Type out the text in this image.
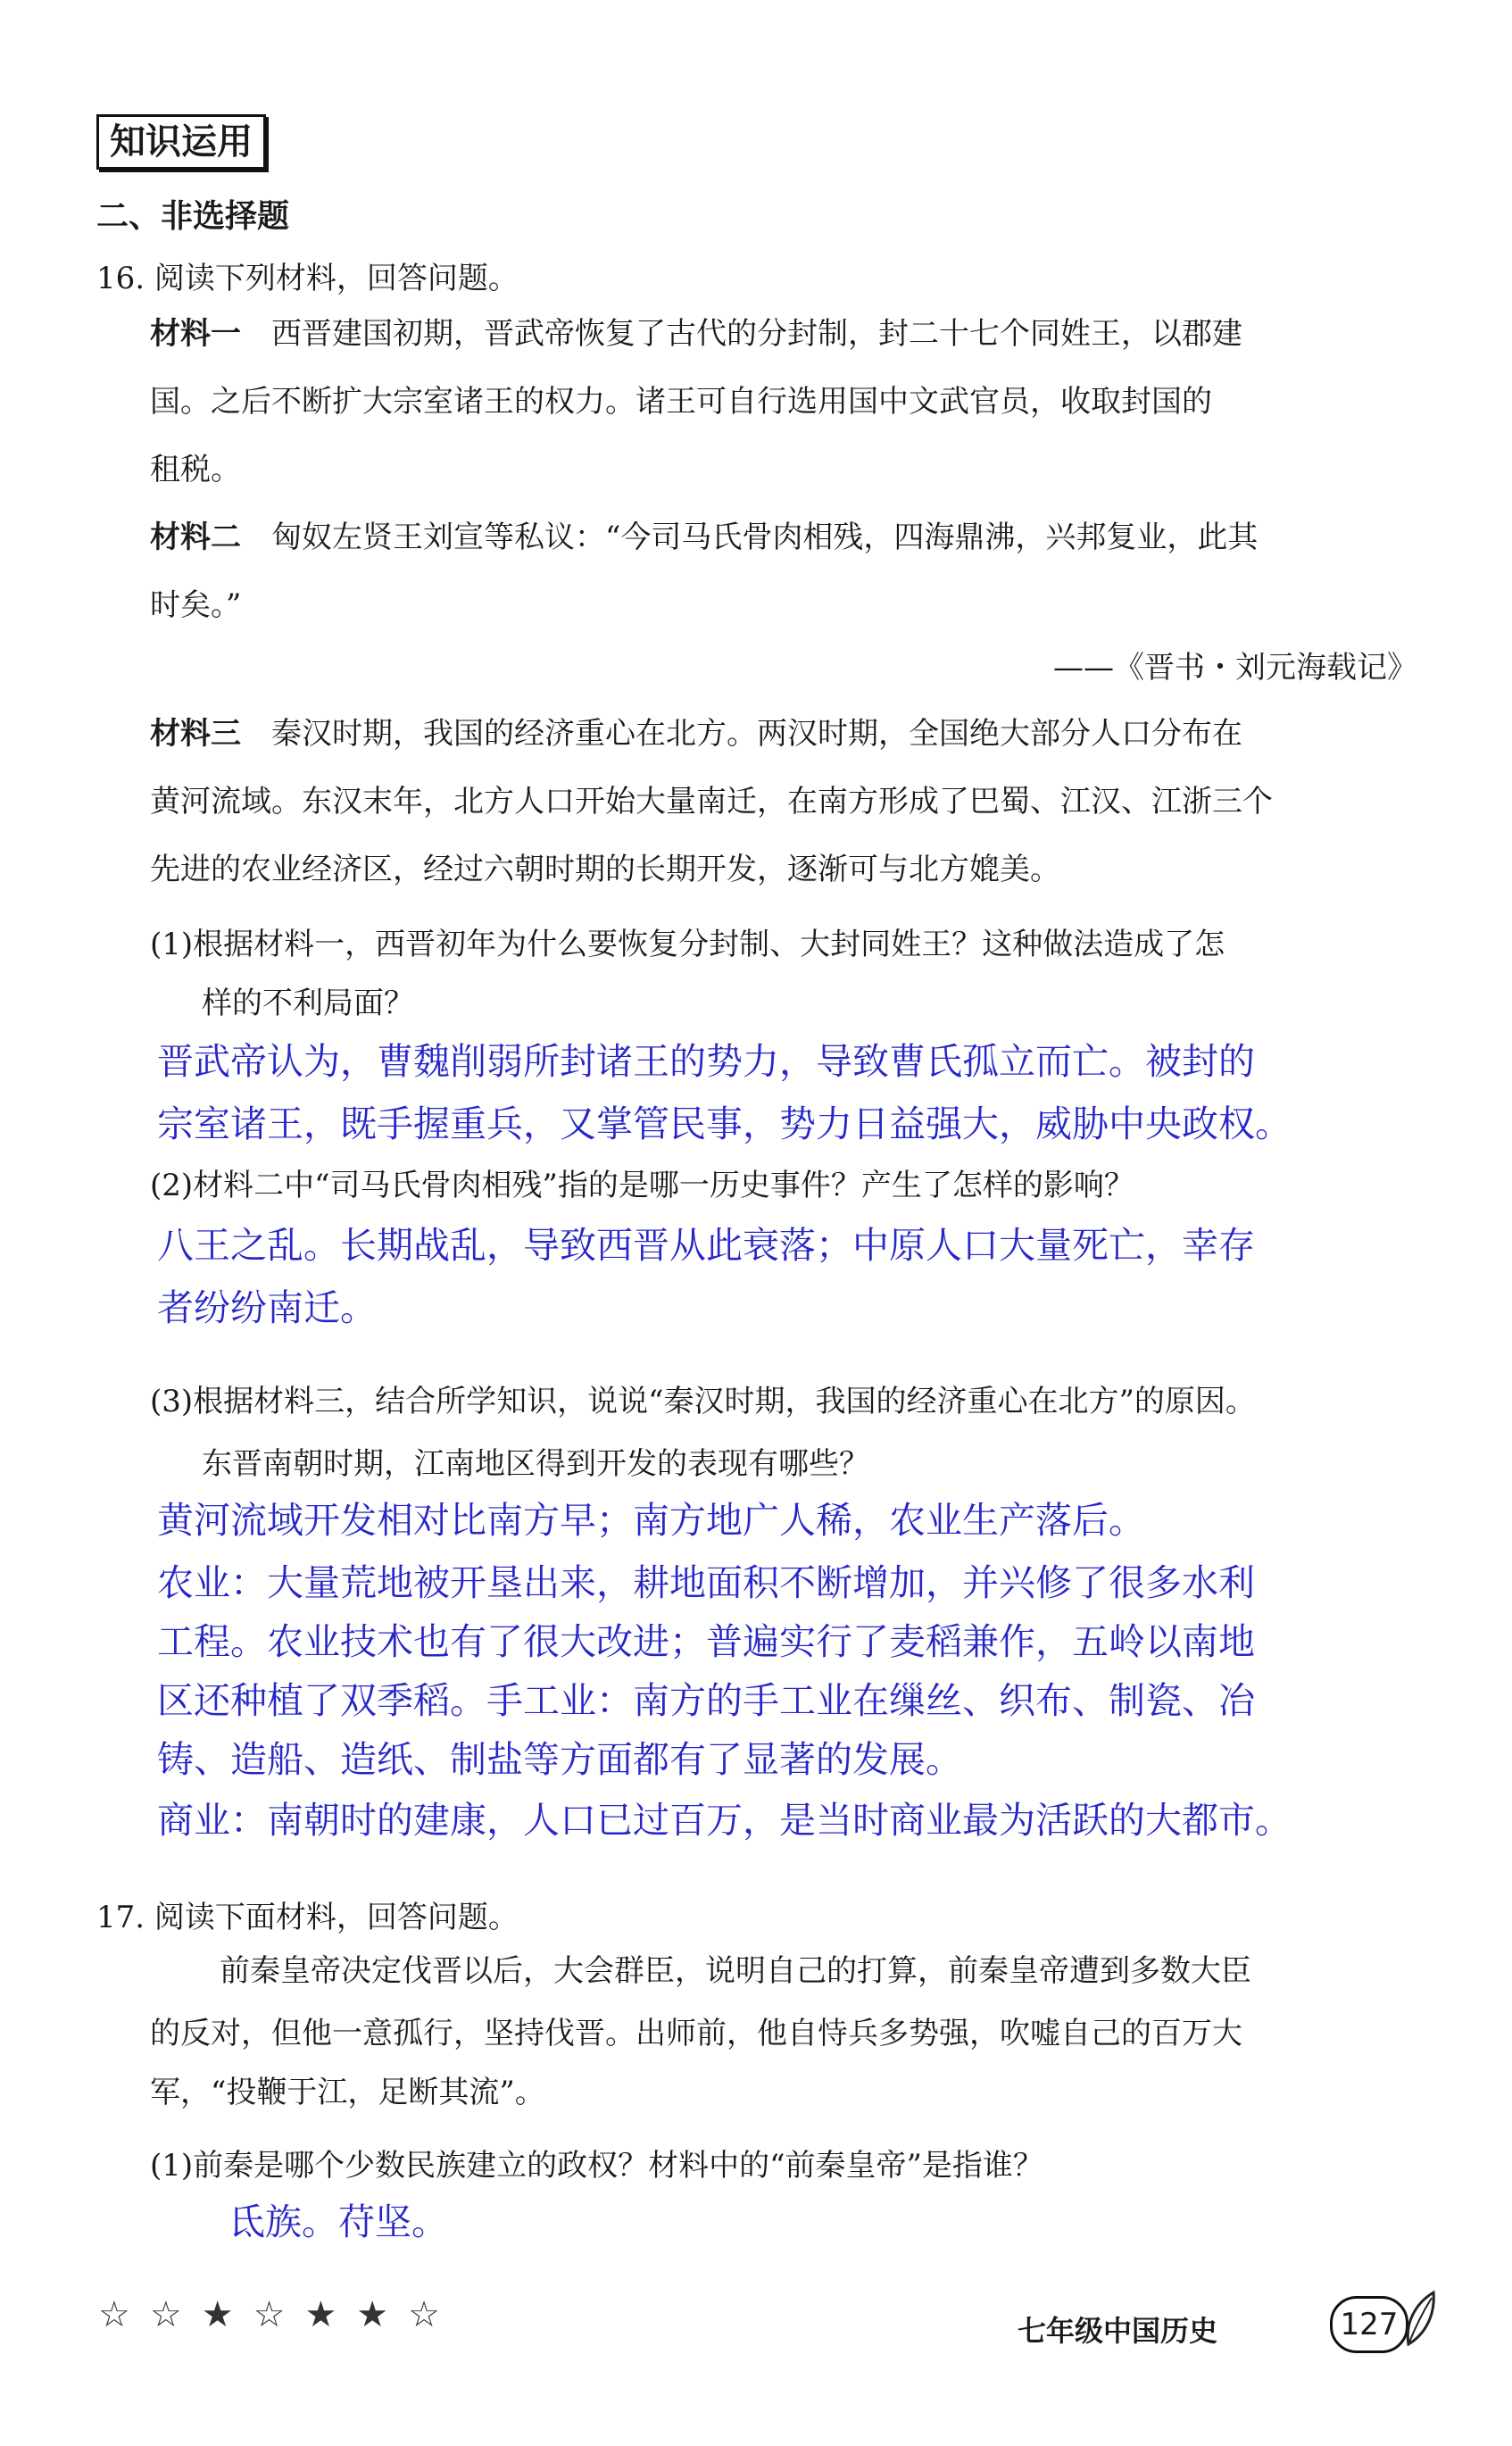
知识运用
二、非选择题
16. 阅读下列材料，回答问题。
材料一 西晋建国初期，晋武帝恢复了古代的分封制，封二十七个同姓王，以郡建
国。之后不断扩大宗室诸王的权力。诸王可自行选用国中文武官员，收取封国的
租税。
材料二 匈奴左贤王刘宣等私议：“今司马氏骨肉相残，四海鼎沸，兴邦复业，此其
时矣。”
——《晋书・刘元海载记》
材料三 秦汉时期，我国的经济重心在北方。两汉时期，全国绝大部分人口分布在
黄河流域。东汉末年，北方人口开始大量南迁，在南方形成了巴蜀、江汉、江浙三个
先进的农业经济区，经过六朝时期的长期开发，逐渐可与北方媲美。
(1)根据材料一，西晋初年为什么要恢复分封制、大封同姓王？这种做法造成了怎
样的不利局面？
晋武帝认为，曹魏削弱所封诸王的势力，导致曹氏孤立而亡。被封的
宗室诸王，既手握重兵，又掌管民事，势力日益强大，威胁中央政权。
(2)材料二中“司马氏骨肉相残”指的是哪一历史事件？产生了怎样的影响？
八王之乱。长期战乱，导致西晋从此衰落；中原人口大量死亡，幸存
者纷纷南迁。
(3)根据材料三，结合所学知识，说说“秦汉时期，我国的经济重心在北方”的原因。
东晋南朝时期，江南地区得到开发的表现有哪些？
黄河流域开发相对比南方早；南方地广人稀，农业生产落后。
农业：大量荒地被开垦出来，耕地面积不断增加，并兴修了很多水利
工程。农业技术也有了很大改进；普遍实行了麦稻兼作，五岭以南地
区还种植了双季稻。手工业：南方的手工业在缫丝、织布、制瓷、冶
铸、造船、造纸、制盐等方面都有了显著的发展。
商业：南朝时的建康，人口已过百万，是当时商业最为活跃的大都市。
17. 阅读下面材料，回答问题。
前秦皇帝决定伐晋以后，大会群臣，说明自己的打算，前秦皇帝遭到多数大臣
的反对，但他一意孤行，坚持伐晋。出师前，他自恃兵多势强，吹嘘自己的百万大
军，“投鞭于江，足断其流”。
(1)前秦是哪个少数民族建立的政权？材料中的“前秦皇帝”是指谁？
氐族。苻坚。
☆☆★☆★★☆	七年级中国历史	127
